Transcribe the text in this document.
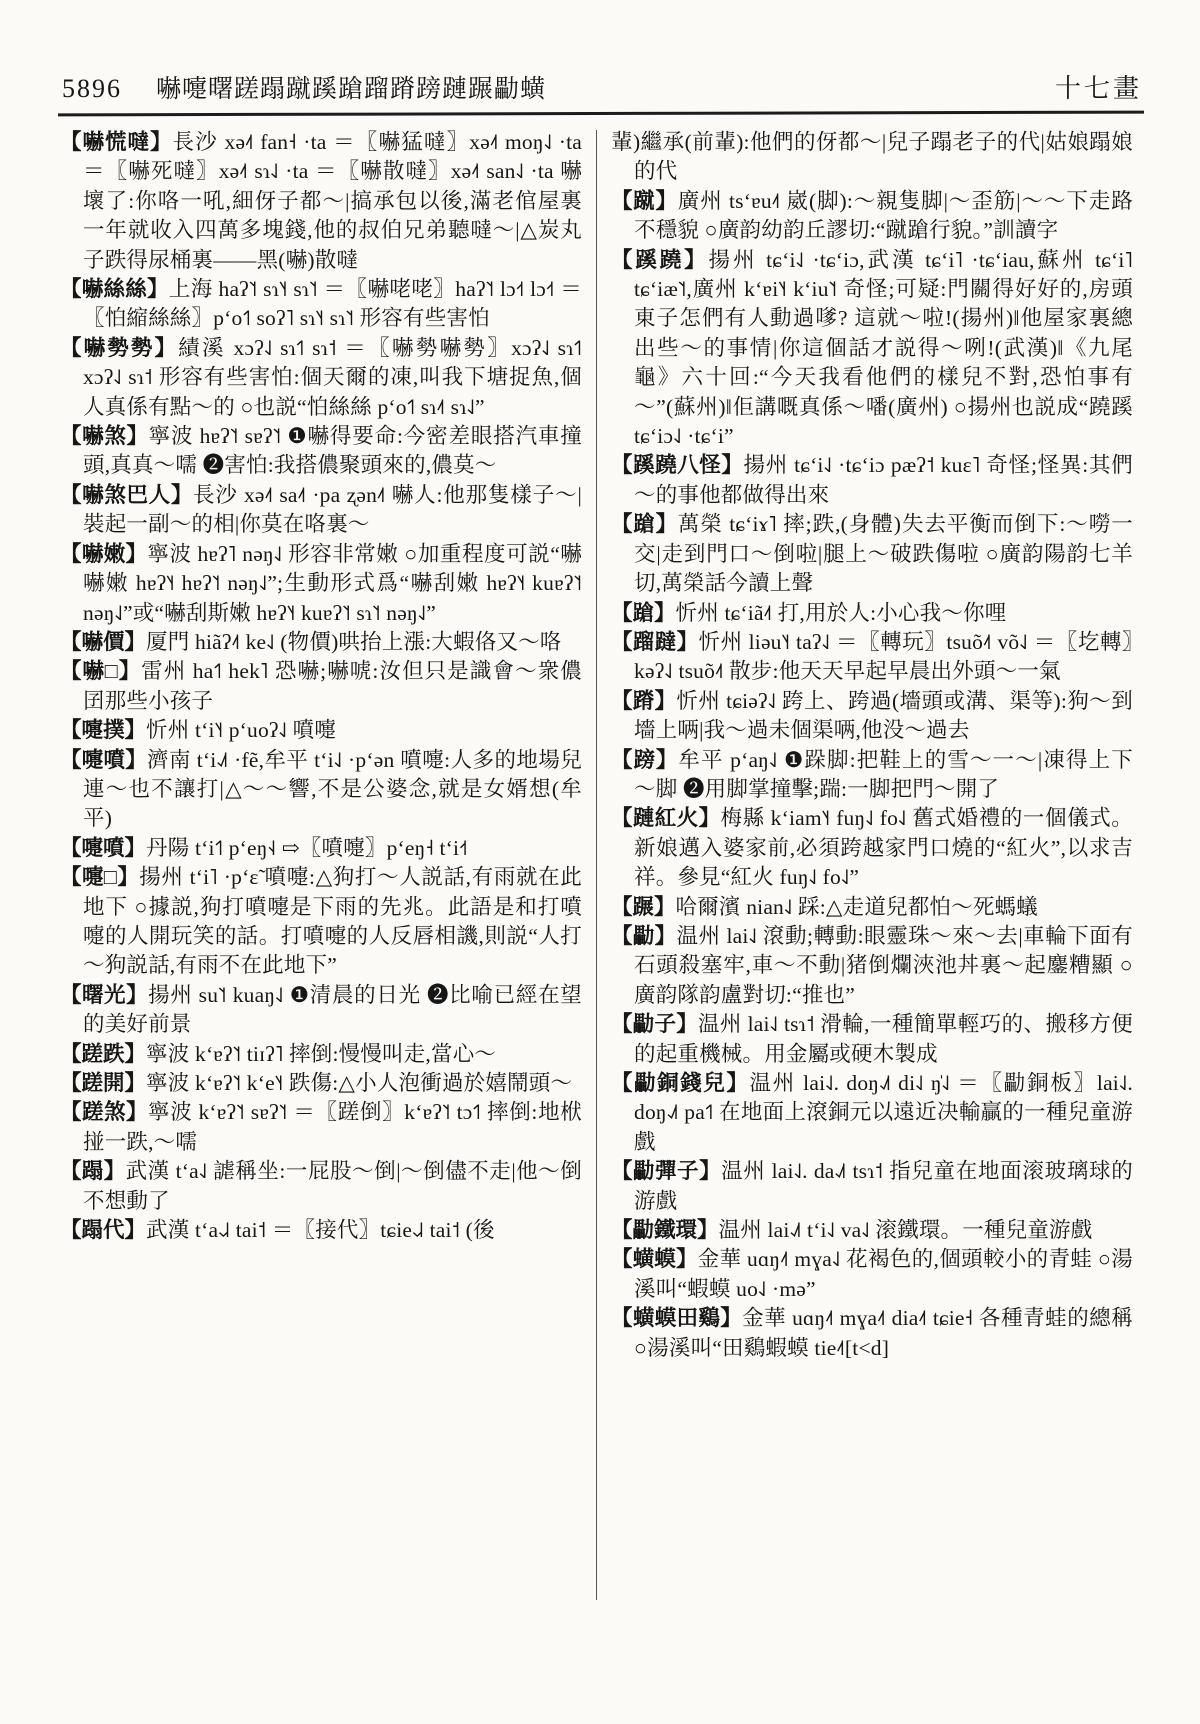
5896 嚇嚏曙蹉蹋蹴蹊蹌蹓蹐䠙蹥蹍㔣蟥	十七畫

【嚇慌噠】長沙 xə˨˦ fan˧ ·ta ＝〖嚇猛噠〗xə˨˦ moŋ˨˩ ·ta ＝〖嚇死噠〗xə˨˦ sɿ˨˩ ·ta ＝〖嚇散噠〗xə˨˦ san˨˩ ·ta 嚇壞了:你咯一吼,細伢子都～|搞承包以後,滿老倌屋裏一年就收入四萬多塊錢,他的叔伯兄弟聽噠～|△炭丸子跌得尿桶裏——黑(嚇)散噠

【嚇絲絲】上海 haʔ˥˦ sɿ˥˧ sɿ˥˦ ＝〖嚇咾咾〗haʔ˥˦ lɔ˧˦ lɔ˧˦ ＝〖怕縮絲絲〗pʻo˦˥ soʔ˥ sɿ˥˧ sɿ˥˦ 形容有些害怕

【嚇勢勢】績溪 xɔʔ˨˩ sɿ˦˥ sɿ˦ ＝〖嚇勢嚇勢〗xɔʔ˨˩ sɿ˦˥ xɔʔ˨˩ sɿ˦ 形容有些害怕:個天爾的凍,叫我下塘捉魚,個人真係有點～的 ○也説“怕絲絲 pʻo˦˥ sɿ˨˦ sɿ˨˩”

【嚇煞】寧波 hɐʔ˥˦ sɐʔ˥˦ ❶嚇得要命:今密差眼搭汽車撞頭,真真～嚅 ❷害怕:我搭儂聚頭來的,儂莫～

【嚇煞巴人】長沙 xə˨˦ sa˨˦ ·pa ʐən˨˦ 嚇人:他那隻樣子～|裝起一副～的相|你莫在咯裏～

【嚇嫩】寧波 hɐʔ˥ nəŋ˨˩ 形容非常嫩 ○加重程度可説“嚇嚇嫩 hɐʔ˥˧ hɐʔ˥˦ nəŋ˨˩”;生動形式爲“嚇刮嫩 hɐʔ˥˧ kuɐʔ˥˦ nəŋ˨˩”或“嚇刮斯嫩 hɐʔ˥˧ kuɐʔ˥˦ sɿ˥˦ nəŋ˨˩”

【嚇價】厦門 hiãʔ˨˦ ke˨˩ (物價)哄抬上漲:大蝦佫又～咯

【嚇□】雷州 ha˦˥ hek˥ 恐嚇;嚇唬:汝但只是識會～衆儂囝那些小孩子

【嚏撲】忻州 tʻi˥˧ pʻuoʔ˨˩ 噴嚏

【嚏噴】濟南 tʻi˨˩˦ ·fẽ,牟平 tʻi˨˩ ·pʻən 噴嚏:人多的地場兒連～也不讓打|△～～響,不是公婆念,就是女婿想(牟平)

【嚏噴】丹陽 tʻi˦˥ pʻeŋ˧˨ ⇨〖噴嚏〗pʻeŋ˧ tʻi˧˦

【嚏□】揚州 tʻi˥ ·pʻɛ̃ 噴嚏:△狗打～人説話,有雨就在此地下 ○據説,狗打噴嚏是下雨的先兆。此語是和打噴嚏的人開玩笑的話。打噴嚏的人反唇相譏,則説“人打～狗説話,有雨不在此地下”

【曙光】揚州 su˥˦ kuaŋ˨˩ ❶清晨的日光 ❷比喻已經在望的美好前景

【蹉跌】寧波 kʻɐʔ˥˦ tiɪʔ˥ 摔倒:慢慢叫走,當心～

【蹉開】寧波 kʻɐʔ˥˦ kʻe˥˧ 跌傷:△小人泡衝過於嬉鬧頭～

【蹉煞】寧波 kʻɐʔ˥˦ sɐʔ˥˦ ＝〖蹉倒〗kʻɐʔ˥˦ tɔ˦˥ 摔倒:地栿掽一跌,～嚅

【蹋】武漢 tʻa˨˩ 謔稱坐:一屁股～倒|～倒儘不走|他～倒不想動了

【蹋代】武漢 tʻa˨˩˨ tai˦ ＝〖接代〗tɕie˨˩˨ tai˦ (後

輩)繼承(前輩):他們的伢都～|兒子蹋老子的代|姑娘蹋娘的代

【蹴】廣州 tsʻɐu˨˦ 崴(脚):～親隻脚|～歪筋|～～下走路不穩貌 ○廣韵幼韵丘謬切:“蹴蹌行貌。”訓讀字

【蹊蹺】揚州 tɕʻi˨˩ ·tɕʻiɔ,武漢 tɕʻi˥ ·tɕʻiau,蘇州 tɕʻi˥ tɕʻiæ˥˦,廣州 kʻɐi˥˧ kʻiu˥˦ 奇怪;可疑:門關得好好的,房頭東子怎們有人動過嗲? 這就～啦!(揚州)‖他屋家裏總出些～的事情|你這個話才説得～咧!(武漢)‖《九尾龜》六十回:“今天我看他們的樣兒不對,恐怕事有～”(蘇州)‖佢講嘅真係～噃(廣州) ○揚州也説成“蹺蹊 tɕʻiɔ˨˩ ·tɕʻi”

【蹊蹺八怪】揚州 tɕʻi˨˩ ·tɕʻiɔ pæʔ˦ kuɛ˥ 奇怪;怪異:其們～的事他都做得出來

【蹌】萬榮 tɕʻiɤ˥ 摔;跌,(身體)失去平衡而倒下:～嘮一交|走到門口～倒啦|腿上～破跌傷啦 ○廣韵陽韵七羊切,萬榮話今讀上聲

【蹌】忻州 tɕʻiã˨˦ 打,用於人:小心我～你哩

【蹓躂】忻州 liəu˥˧ taʔ˨˩ ＝〖轉玩〗tsuõ˨˦ võ˨˩ ＝〖圪轉〗kəʔ˨˩ tsuõ˨˦ 散步:他天天早起早晨出外頭～一氣

【蹐】忻州 tɕiəʔ˨˩ 跨上、跨過(墻頭或溝、渠等):狗～到墻上唡|我～過未個渠唡,他没～過去

【䠙】牟平 pʻaŋ˨˩ ❶跺脚:把鞋上的雪～一～|凍得上下～脚 ❷用脚掌撞擊;踹:一脚把門～開了

【蹥紅火】梅縣 kʻiam˥˧ fuŋ˨˩ fo˨˩ 舊式婚禮的一個儀式。新娘邁入婆家前,必須跨越家門口燒的“紅火”,以求吉祥。參見“紅火 fuŋ˨˩ fo˨˩”

【蹍】哈爾濱 nian˨˩ 踩:△走道兒都怕～死螞蟻

【㔣】温州 lai˨˩ 滾動;轉動:眼靈珠～來～去|車輪下面有石頭殺塞牢,車～不動|猪倒爛浹池丼裏～起鏖糟顯 ○廣韵隊韵盧對切:“推也”

【㔣子】温州 lai˨˩ tsɿ˦ 滑輪,一種簡單輕巧的、搬移方便的起重機械。用金屬或硬木製成

【㔣銅錢兒】温州 lai˨˩. doŋ˨˩˦ di˨˩ ŋ̍˨˩ ＝〖㔣銅板〗lai˨˩. doŋ˨˩˦ pa˦˥ 在地面上滾銅元以遠近决輸贏的一種兒童游戲

【㔣彈子】温州 lai˨˩. da˨˩˦ tsɿ˦ 指兒童在地面滚玻璃球的游戲

【㔣鐵環】温州 lai˨˩˦ tʻi˨˩ va˨˩ 滚鐵環。一種兒童游戲

【蟥蟆】金華 uɑŋ˨˦ mɣa˨˩ 花褐色的,個頭較小的青蛙 ○湯溪叫“蝦蟆 uo˨˩ ·mə”

【蟥蟆田鷄】金華 uɑŋ˨˦ mɣa˨˦ dia˨˦ tɕie˧ 各種青蛙的總稱 ○湯溪叫“田鷄蝦蟆 tie˨˦[t<d]
